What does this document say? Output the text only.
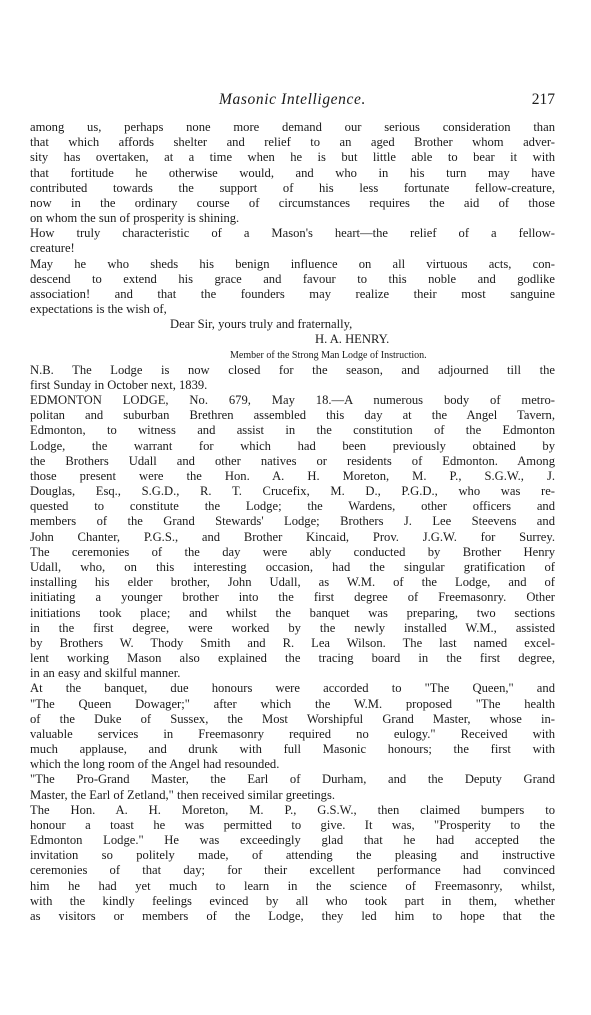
Masonic Intelligence.	217
among us, perhaps none more demand our serious consideration than
that which affords shelter and relief to an aged Brother whom adver-
sity has overtaken, at a time when he is but little able to bear it with
that fortitude he otherwise would, and who in his turn may have
contributed towards the support of his less fortunate fellow-creature,
now in the ordinary course of circumstances requires the aid of those
on whom the sun of prosperity is shining.
How truly characteristic of a Mason's heart—the relief of a fellow-
creature!
May he who sheds his benign influence on all virtuous acts, con-
descend to extend his grace and favour to this noble and godlike
association! and that the founders may realize their most sanguine
expectations is the wish of,
Dear Sir, yours truly and fraternally,
H. A. HENRY.
Member of the Strong Man Lodge of Instruction.
N.B. The Lodge is now closed for the season, and adjourned till the
first Sunday in October next, 1839.
EDMONTON LODGE, No. 679, May 18.—A numerous body of metro-
politan and suburban Brethren assembled this day at the Angel Tavern,
Edmonton, to witness and assist in the constitution of the Edmonton
Lodge, the warrant for which had been previously obtained by
the Brothers Udall and other natives or residents of Edmonton. Among
those present were the Hon. A. H. Moreton, M. P., S.G.W., J.
Douglas, Esq., S.G.D., R. T. Crucefix, M. D., P.G.D., who was re-
quested to constitute the Lodge; the Wardens, other officers and
members of the Grand Stewards' Lodge; Brothers J. Lee Steevens and
John Chanter, P.G.S., and Brother Kincaid, Prov. J.G.W. for Surrey.
The ceremonies of the day were ably conducted by Brother Henry
Udall, who, on this interesting occasion, had the singular gratification of
installing his elder brother, John Udall, as W.M. of the Lodge, and of
initiating a younger brother into the first degree of Freemasonry. Other
initiations took place; and whilst the banquet was preparing, two sections
in the first degree, were worked by the newly installed W.M., assisted
by Brothers W. Thody Smith and R. Lea Wilson. The last named excel-
lent working Mason also explained the tracing board in the first degree,
in an easy and skilful manner.
At the banquet, due honours were accorded to "The Queen," and
"The Queen Dowager;" after which the W.M. proposed "The health
of the Duke of Sussex, the Most Worshipful Grand Master, whose in-
valuable services in Freemasonry required no eulogy." Received with
much applause, and drunk with full Masonic honours; the first with
which the long room of the Angel had resounded.
"The Pro-Grand Master, the Earl of Durham, and the Deputy Grand
Master, the Earl of Zetland," then received similar greetings.
The Hon. A. H. Moreton, M. P., G.S.W., then claimed bumpers to
honour a toast he was permitted to give. It was, "Prosperity to the
Edmonton Lodge." He was exceedingly glad that he had accepted the
invitation so politely made, of attending the pleasing and instructive
ceremonies of that day; for their excellent performance had convinced
him he had yet much to learn in the science of Freemasonry, whilst,
with the kindly feelings evinced by all who took part in them, whether
as visitors or members of the Lodge, they led him to hope that the
